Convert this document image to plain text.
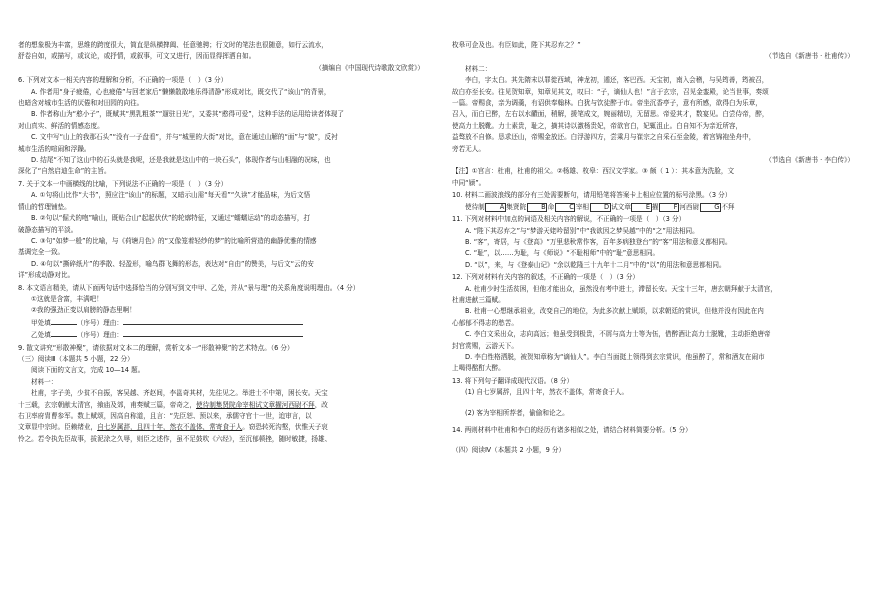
者的想象极为丰富，思维的跨度很大，简直是纵横捭阖、任意驰骋；行文时的笔法也很随意，如行云流水，

舒卷自如，或描写，或议论，或抒情，或叙事，可文又进行，因而显得挥洒自如。

（摘编自《中国现代诗歌散文欣赏》）

6. 下列对文本一相关内容的理解和分析，不正确的一项是（　）（3 分）

A. 作者用“身子疲倦，心也疲倦”与回老家后“懒懒散散地乐得清静”形成对比，既交代了“该山”的背景，

也暗含对城市生活的厌倦和对田园的向往。

B. 作者称山为“憨小子”，既赋其“黑乳粗茶”“遛驻日光”，又委其“憨得可爱”，这种手法的运用给读者体现了

对山真实、鲜活的情感态度。

C. 文中写“山上的我那石头”“没有一子盘看”，并与“城里的大街”对比，意在通过山解的“面”与“貌”，反衬

城市生活的喧闹和浮躁。

D. 结尾“不知了这山中的石头就是我呢，还是我就是这山中的一块石头”，体现作者与山相融的况味，也

深化了“自然启迪生命”的主旨。

7. 关于文本一中画横线的比喻，下列说法不正确的一项是（　）（3 分）

A. ①句将山比作“大书”，照应注“该山”的标题，又暗示山需“每天看”“久读”才能品味，为后文悟

情山的哲理铺垫。

B. ②句以“倔犬的咆”喻山，既贴合山“起起伏伏”的轮廓特征，又通过“蠕蠕运动”的动态描写，打

破静态描写的平淡。

C. ③句“如梦一般”的比喻，与《荷塘月色》的“又像笼着轻纱的梦”的比喻所营造的幽静优雅的情感

基调完全一致。

D. ④句以“撕碎纸片”的季散、轻盈形，喻鸟群飞舞的形态，表达对“自由”的赞美，与后文“云的安

详”形成动静对比。

8. 本文语言精美，请从下面两句话中选择恰当的分别写到文中甲、乙处，并从“景与理”的关系角度说明理由。（4 分）

①这就是含富，丰满吧！

②我的强劲正变以肩膀的静态里啊！

甲处填	（序号）理由：

乙处填	（序号）理由：

9. 散文讲究“形散神聚”，请依据对文本二的理解，赏析文本一“形散神聚”的艺术特点。（6 分）

（三）阅读Ⅲ（本题共 5 小题，22 分）

阅读下面的文言文，完成 10—14 题。

材料一：

杜甫，字子美，少贫不自振，客吴越、齐赵间，李邕奇其材，先往见之。举进士不中第，困长安。天宝

十三载，玄宗朝献太清宫，飨庙及郊，甫奏赋三篇，帝奇之，使待制集贤院命宰相试文章擢河西尉不拜，改

右卫率府胄曹参军。数上赋颂，因高自称道，且言：“先臣恕、预以来，承儒守官十一世，迨审言，以

文章显中宗时。臣赖绪业，自七岁属辞，且四十年，然衣不盖体，常寄食于人。窃恐转死沟壑，伏惟天子哀

怜之。若令执先臣故事，拔泥涂之久辱，则臣之述作，虽不足鼓吹《六经》，至沉郁顿挫，随时敏捷，扬雄、

枚皋可企及也。有臣如此，陛下其忍弃之？”

（节选自《新唐书 · 杜甫传》）

材料二：

李白，字太白。其先隋末以罪徙西域，神龙初，遁还，客巴西。天宝初，南入会稽，与吴筠善，筠被召，

故白亦至长安。往见贺知章，知章见其文，叹曰：“子，谪仙人也！”言于玄宗，召见金銮殿，论当世事，奏颂

一篇。帝赐食，亲为调羹，有诏供奉翰林。白犹与饮徒醉于市。帝坐沉香亭子，意有所感，欲得白为乐章，

召入，而白已醉，左右以水靧面，稍解，援笔成文，婉丽精切，无留思。帝爱其才，数宴见。白尝侍帝，醉，

使高力士脱靴。力士素贵，耻之，摘其诗以激杨贵妃，帝欲官白，妃辄沮止。白自知不为亲近所容，

益骜放不自修。恳求还山，帝赐金放还。白浮游四方，尝乘月与崔宗之自采石至金陵，着宫锦袍坐舟中，

旁若无人。

（节选自《新唐书 · 李白传》）

【注】①宫言：杜甫，杜甫的祖父。②杨雄、枚皋：西汉文学家。③ 颇（ 1 ）：其本意为洗脸，文

中同“颍”。

10. 材料二画波浪线的部分有三处需要断句，请用铅笔将答案卡上相应位置的标号涂黑。（3 分）

使待制 A 集贤院 B 命 C 宰相 D 试文章 E 擢 F 河西尉 G 不拜

11. 下列对材料中加点的词语及相关内容的解说，不正确的一项是（　）（3 分）

A. “陛下其忍弃之”与“梦游天姥吟留别”中“我欲因之梦吴越”中的“之”用法相同。

B. “客”，寄居，与《登高》“万里悲秋常作客，百年多病独登台”的“客”用法和意义都相同。

C. “耻”，以……为耻，与《师说》“不耻相师”中的“耻”意思相同。

D. “以”，来，与《登泰山记》“余以乾隆三十九年十二月”中的“以”的用法和意思都相同。

12. 下列对材料有关内容的叙述，不正确的一项是（　）（3 分）

A. 杜甫少时生活贫困，但他才能出众，虽然没有考中进士，滞留长安。天宝十三年，唐玄朝拜献于太清宫，

杜甫进献三篇赋。

B. 杜甫一心想继承祖业，改变自己的地位，为此多次献上赋颂，以求朝廷的赏识，但他并没有因此在内

心郁郁不得志的愁苦。

C. 李白文采出众，志向高远；他虽受到极贵，不屑与高力士等为伍，借醉酒让高力士脱靴，主动拒绝唐帝

封官赏赐，云游天下。

D. 李白性格洒脱，被贺知章称为“谪仙人”。李白当面挺上领得到玄宗赏识，他虽醉了，常和酒友在闹市

上喝得酩酊大醉。

13. 将下列句子翻译成现代汉语。（8 分）

(1) 自七岁属辞，且四十年，然衣不盖体，常寄食于人。

(2) 客为宰相所荐者，偷偷和论之。

14. 两则材料中杜甫和李白的经历有诸多相似之处，请结合材料简要分析。（5 分）

（四）阅读Ⅳ（本题共 2 小题，9 分）
